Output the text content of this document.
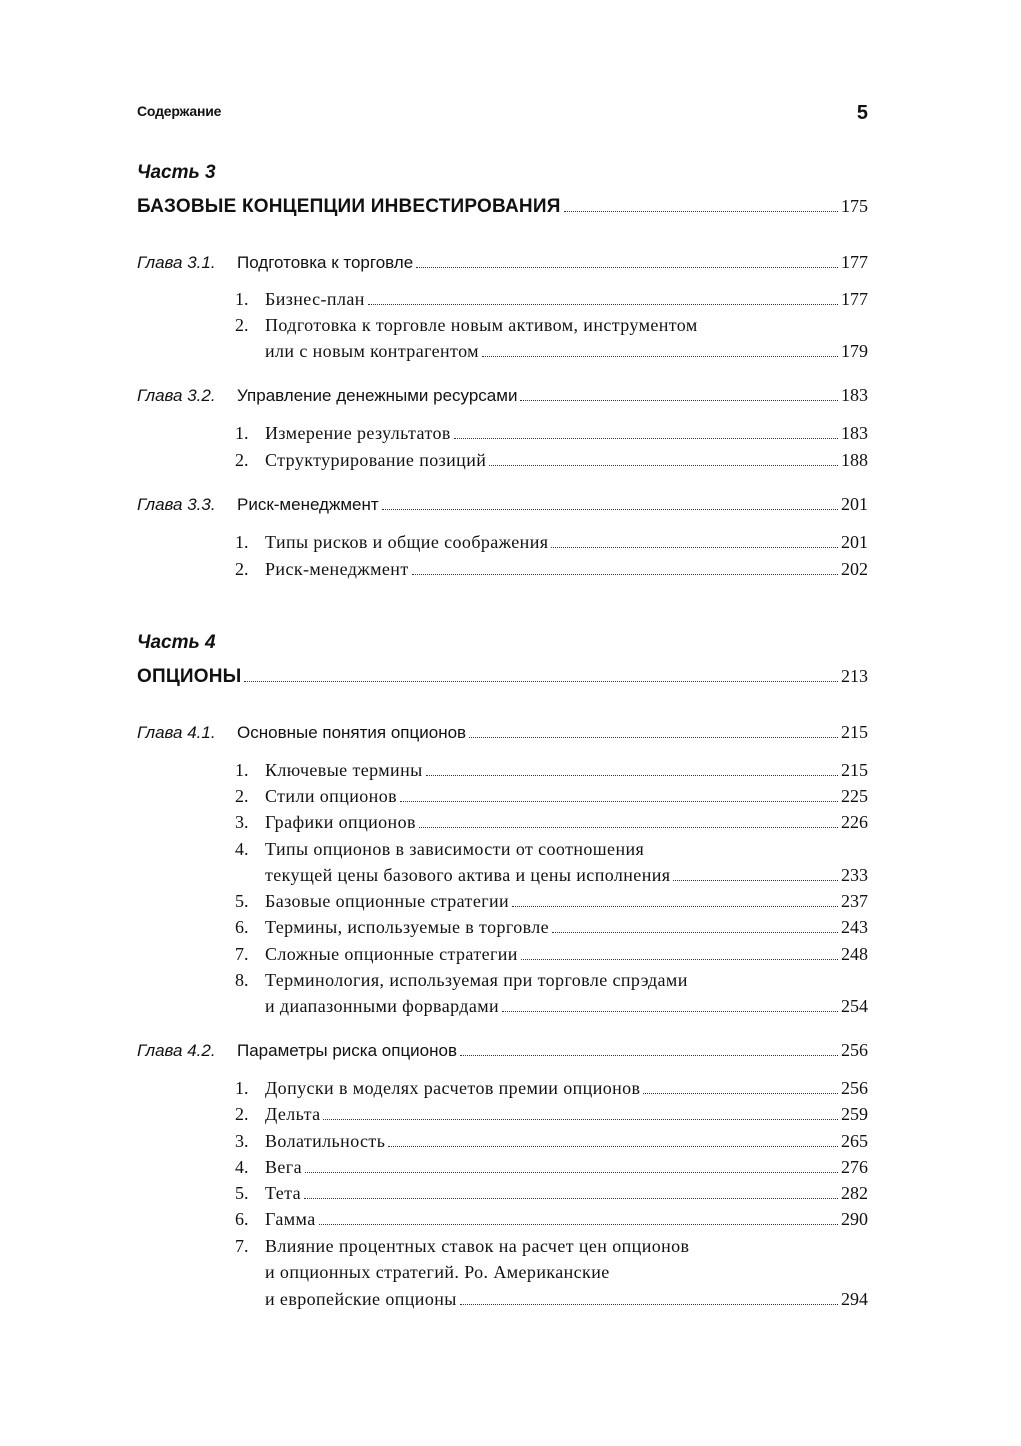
Содержание	5
Часть 3
БАЗОВЫЕ КОНЦЕПЦИИ ИНВЕСТИРОВАНИЯ	175
Глава 3.1.	Подготовка к торговле	177
1. Бизнес-план	177
2. Подготовка к торговле новым активом, инструментом
или с новым контрагентом	179
Глава 3.2.	Управление денежными ресурсами	183
1. Измерение результатов	183
2. Структурирование позиций	188
Глава 3.3.	Риск-менеджмент	201
1. Типы рисков и общие соображения	201
2. Риск-менеджмент	202
Часть 4
ОПЦИОНЫ	213
Глава 4.1.	Основные понятия опционов	215
1. Ключевые термины	215
2. Стили опционов	225
3. Графики опционов	226
4. Типы опционов в зависимости от соотношения
текущей цены базового актива и цены исполнения	233
5. Базовые опционные стратегии	237
6. Термины, используемые в торговле	243
7. Сложные опционные стратегии	248
8. Терминология, используемая при торговле спрэдами
и диапазонными форвардами	254
Глава 4.2.	Параметры риска опционов	256
1. Допуски в моделях расчетов премии опционов	256
2. Дельта	259
3. Волатильность	265
4. Вега	276
5. Тета	282
6. Гамма	290
7. Влияние процентных ставок на расчет цен опционов
и опционных стратегий. Ро. Американские
и европейские опционы	294
